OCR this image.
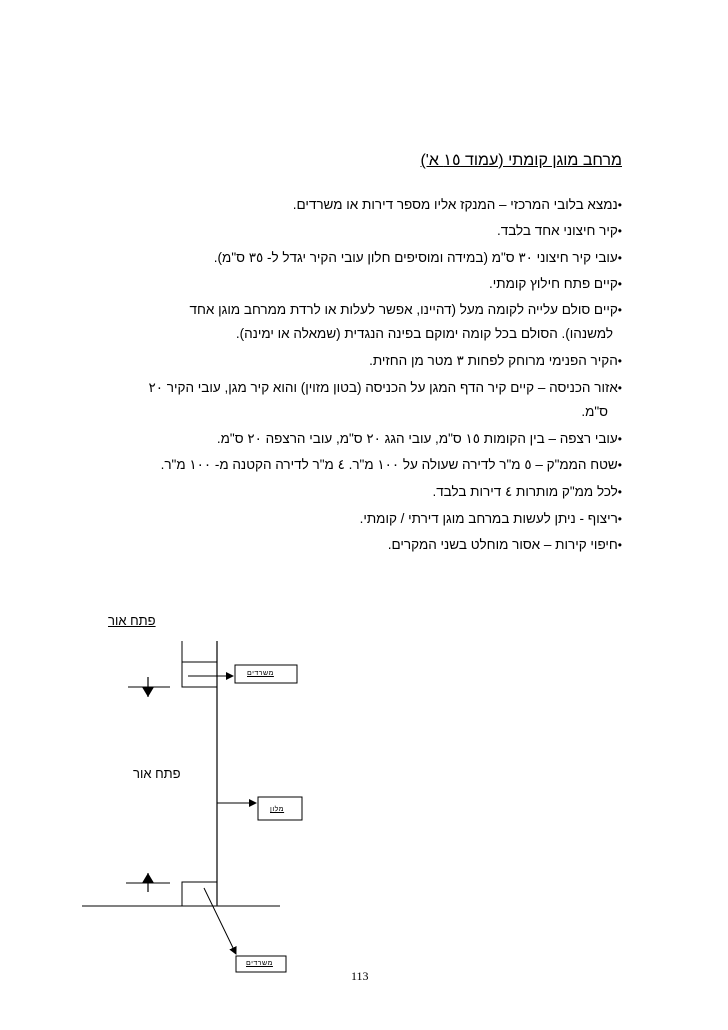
מרחב מוגן קומתי (עמוד ١٥ א')
•נמצא בלובי המרכזי – המנקז אליו מספר דירות או משרדים.
•קיר חיצוני אחד בלבד.
•עובי קיר חיצוני ٣٠ ס"מ (במידה ומוסיפים חלון עובי הקיר יגדל ל- ٣٥ ס"מ).
•קיים פתח חילוץ קומתי.
•קיים סולם עלייה לקומה מעל (דהיינו, אפשר לעלות או לרדת ממרחב מוגן אחד
למשנהו). הסולם בכל קומה ימוקם בפינה הנגדית (שמאלה או ימינה).
•הקיר הפנימי מרוחק לפחות ٣ מטר מן החזית.
•אזור הכניסה – קיים קיר הדף המגן על הכניסה (בטון מזוין) והוא קיר מגן, עובי הקיר ٢٠
ס"מ.
•עובי רצפה – בין הקומות ١٥ ס"מ, עובי הגג ٢٠ ס"מ, עובי הרצפה ٢٠ ס"מ.
•שטח הממ"ק – ٥ מ"ר לדירה שעולה על ١٠٠ מ"ר. ٤ מ"ר לדירה הקטנה מ- ١٠٠ מ"ר.
•לכל ממ"ק מותרות ٤ דירות בלבד.
•ריצוף - ניתן לעשות במרחב מוגן דירתי / קומתי.
•חיפוי קירות – אסור מוחלט בשני המקרים.
פתח אור
פתח אור
משרדים
מלון
משרדים
113
